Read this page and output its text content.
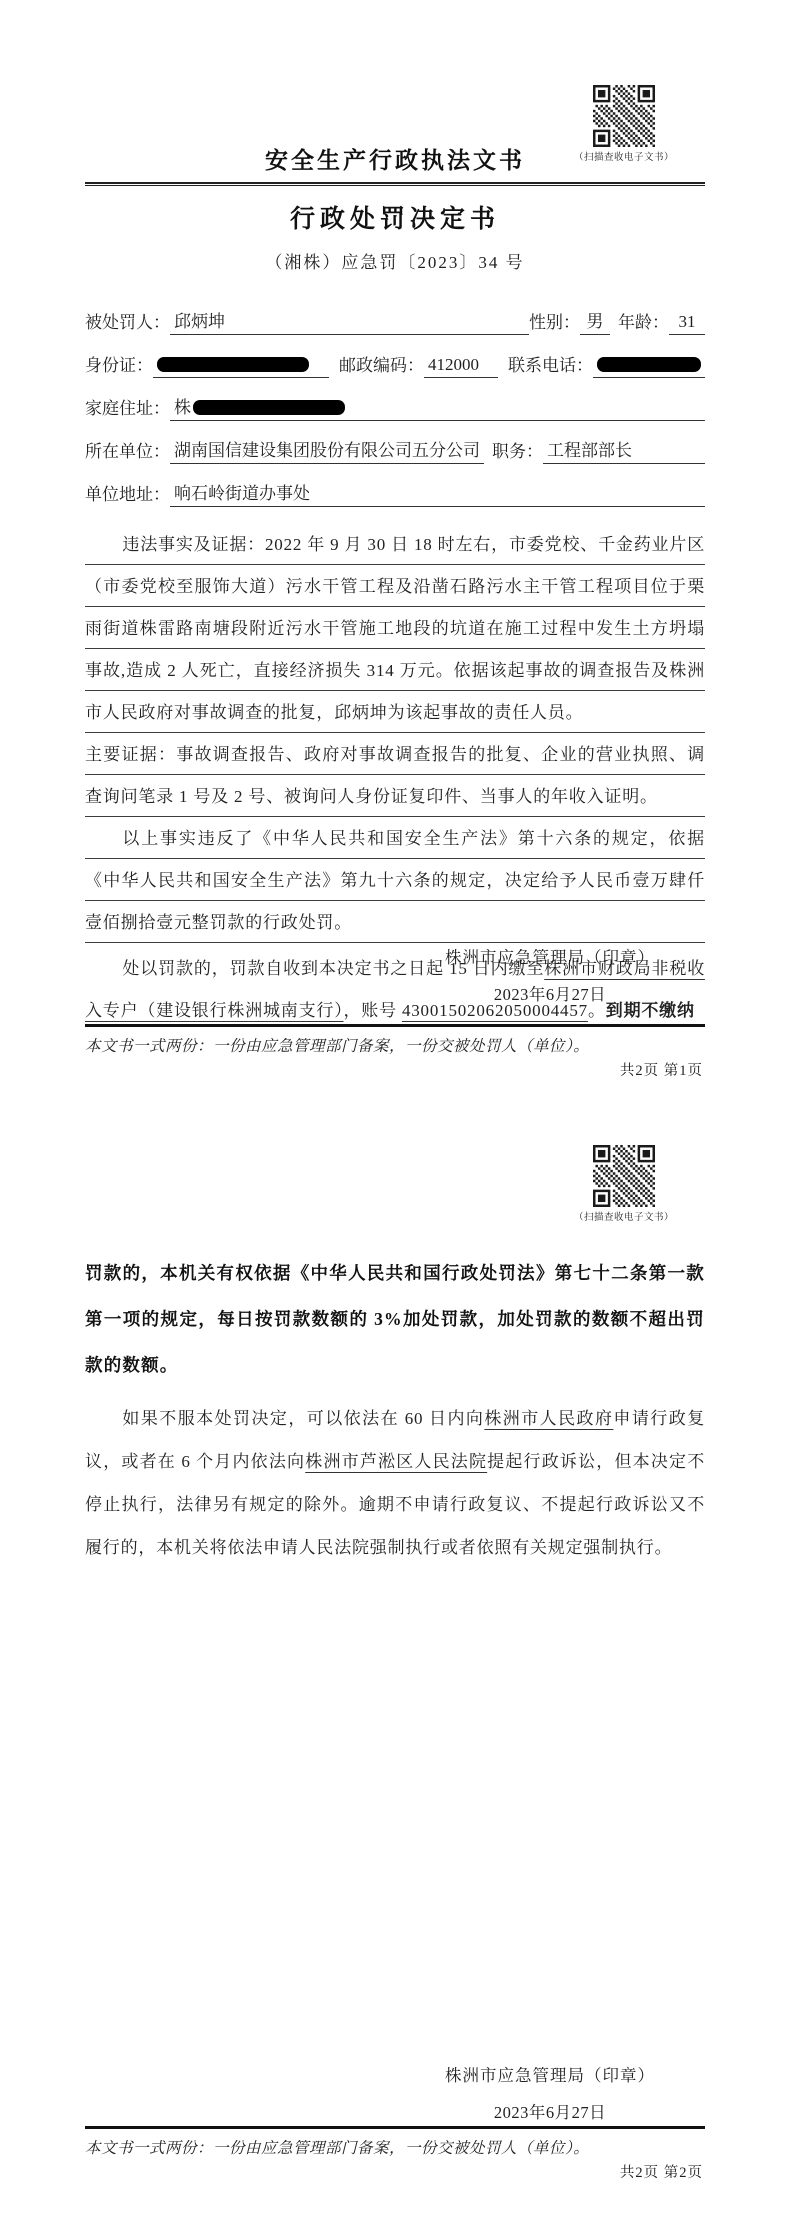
（扫描查收电子文书）
安全生产行政执法文书
行政处罚决定书
（湘株）应急罚〔2023〕34 号
被处罚人： 邱炳坤	性别： 男 年龄： 31
身份证：	邮政编码： 412000	联系电话：
家庭住址： 株
所在单位： 湖南国信建设集团股份有限公司五分公司 职务： 工程部部长
单位地址： 响石岭街道办事处

违法事实及证据：2022 年 9 月 30 日 18 时左右，市委党校、千金药业片区（市委党校至服饰大道）污水干管工程及沿凿石路污水主干管工程项目位于栗雨街道株雷路南塘段附近污水干管施工地段的坑道在施工过程中发生土方坍塌事故,造成 2 人死亡，直接经济损失 314 万元。依据该起事故的调查报告及株洲市人民政府对事故调查的批复，邱炳坤为该起事故的责任人员。

主要证据：事故调查报告、政府对事故调查报告的批复、企业的营业执照、调查询问笔录 1 号及 2 号、被询问人身份证复印件、当事人的年收入证明。

以上事实违反了《中华人民共和国安全生产法》第十六条的规定，依据《中华人民共和国安全生产法》第九十六条的规定，决定给予人民币壹万肆仟壹佰捌拾壹元整罚款的行政处罚。

处以罚款的，罚款自收到本决定书之日起 15 日内缴至株洲市财政局非税收入专户（建设银行株洲城南支行），账号 43001502062050004457。到期不缴纳

株洲市应急管理局（印章）
2023年6月27日
本文书一式两份：一份由应急管理部门备案，一份交被处罚人（单位）。
共2页 第1页
（扫描查收电子文书）

罚款的，本机关有权依据《中华人民共和国行政处罚法》第七十二条第一款第一项的规定，每日按罚款数额的 3%加处罚款，加处罚款的数额不超出罚款的数额。

如果不服本处罚决定，可以依法在 60 日内向株洲市人民政府申请行政复议，或者在 6 个月内依法向株洲市芦淞区人民法院提起行政诉讼，但本决定不停止执行，法律另有规定的除外。逾期不申请行政复议、不提起行政诉讼又不履行的，本机关将依法申请人民法院强制执行或者依照有关规定强制执行。

株洲市应急管理局（印章）
2023年6月27日
本文书一式两份：一份由应急管理部门备案，一份交被处罚人（单位）。
共2页 第2页
